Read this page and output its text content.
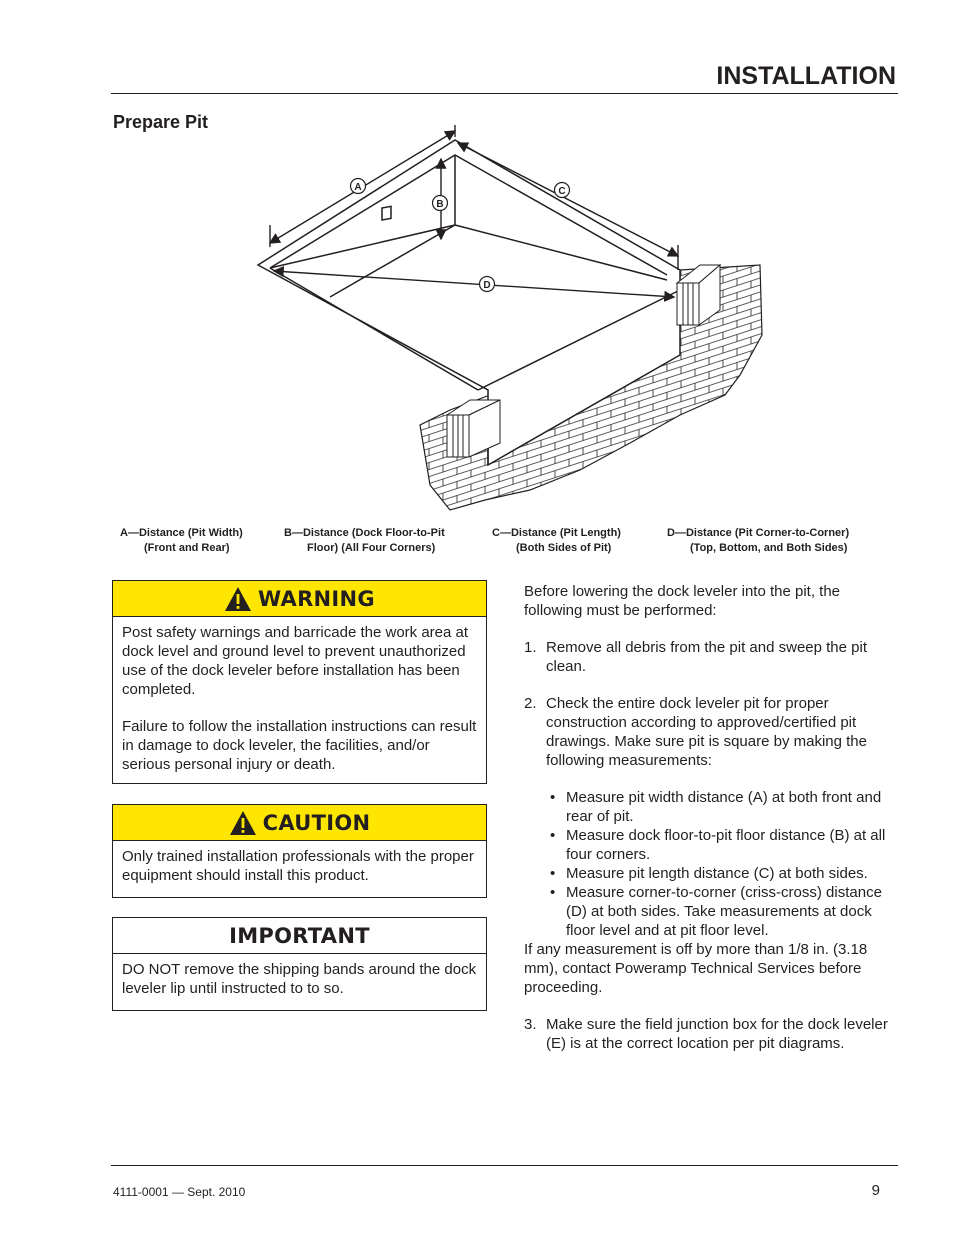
INSTALLATION
Prepare Pit
A
B
C
D
A—Distance (Pit Width)
(Front and Rear)
B—Distance (Dock Floor-to-Pit
Floor) (All Four Corners)
C—Distance (Pit Length)
(Both Sides of Pit)
D—Distance (Pit Corner-to-Corner)
(Top, Bottom, and Both Sides)
WARNING

Post safety warnings and barricade the work area at dock level and ground level to prevent unauthorized use of the dock leveler before installation has been completed.

Failure to follow the installation instructions can result in damage to dock leveler, the facilities, and/or serious personal injury or death.

CAUTION

Only trained installation professionals with the proper equipment should install this product.

IMPORTANT

DO NOT remove the shipping bands around the dock leveler lip until instructed to to so.

Before lowering the dock leveler into the pit, the following must be performed:

1. Remove all debris from the pit and sweep the pit clean.
2. Check the entire dock leveler pit for proper construction according to approved/certified pit drawings. Make sure pit is square by making the following measurements:
• Measure pit width distance (A) at both front and rear of pit.
• Measure dock floor-to-pit floor distance (B) at all four corners.
• Measure pit length distance (C) at both sides.
• Measure corner-to-corner (criss-cross) distance (D) at both sides. Take measurements at dock floor level and at pit floor level.

If any measurement is off by more than 1/8 in. (3.18 mm), contact Poweramp Technical Services before proceeding.

3. Make sure the field junction box for the dock leveler (E) is at the correct location per pit diagrams.
4111-0001 — Sept. 2010	9
